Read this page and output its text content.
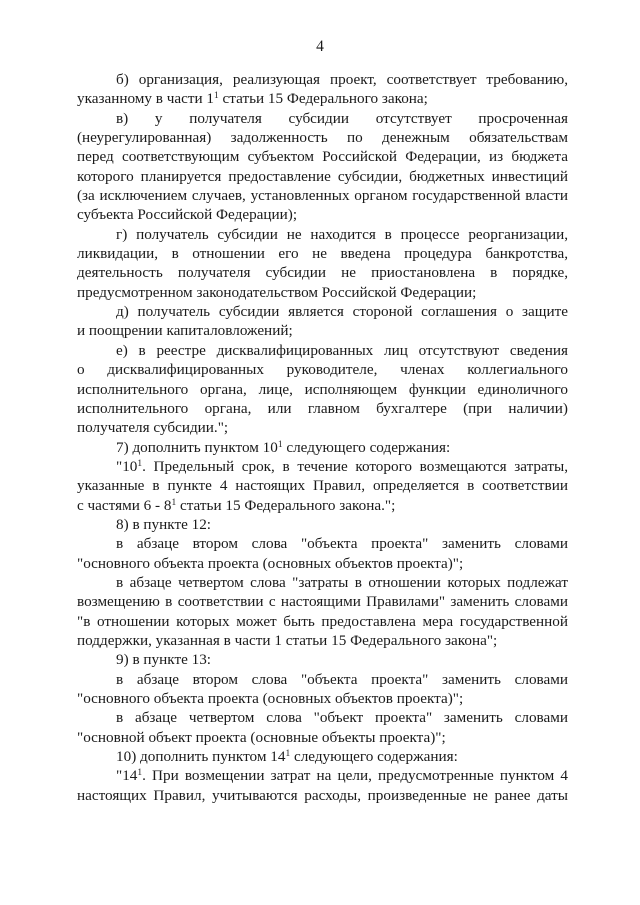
4
б) организация, реализующая проект, соответствует требованию,
указанному в части $1^1$ статьи 15 Федерального закона;
в) у получателя субсидии отсутствует просроченная
(неурегулированная) задолженность по денежным обязательствам
перед соответствующим субъектом Российской Федерации, из бюджета
которого планируется предоставление субсидии, бюджетных инвестиций
(за исключением случаев, установленных органом государственной власти
субъекта Российской Федерации);
г) получатель субсидии не находится в процессе реорганизации,
ликвидации, в отношении его не введена процедура банкротства,
деятельность получателя субсидии не приостановлена в порядке,
предусмотренном законодательством Российской Федерации;
д) получатель субсидии является стороной соглашения о защите
и поощрении капиталовложений;
е) в реестре дисквалифицированных лиц отсутствуют сведения
о дисквалифицированных руководителе, членах коллегиального
исполнительного органа, лице, исполняющем функции единоличного
исполнительного органа, или главном бухгалтере (при наличии)
получателя субсидии.";
7) дополнить пунктом $10^1$ следующего содержания:
"$10^1$. Предельный срок, в течение которого возмещаются затраты,
указанные в пункте 4 настоящих Правил, определяется в соответствии
с частями $6 - 8^1$ статьи 15 Федерального закона.";
8) в пункте 12:
в абзаце втором слова "объекта проекта" заменить словами
"основного объекта проекта (основных объектов проекта)";
в абзаце четвертом слова "затраты в отношении которых подлежат
возмещению в соответствии с настоящими Правилами" заменить словами
"в отношении которых может быть предоставлена мера государственной
поддержки, указанная в части 1 статьи 15 Федерального закона";
9) в пункте 13:
в абзаце втором слова "объекта проекта" заменить словами
"основного объекта проекта (основных объектов проекта)";
в абзаце четвертом слова "объект проекта" заменить словами
"основной объект проекта (основные объекты проекта)";
10) дополнить пунктом $14^1$ следующего содержания:
"$14^1$. При возмещении затрат на цели, предусмотренные пунктом 4
настоящих Правил, учитываются расходы, произведенные не ранее даты
